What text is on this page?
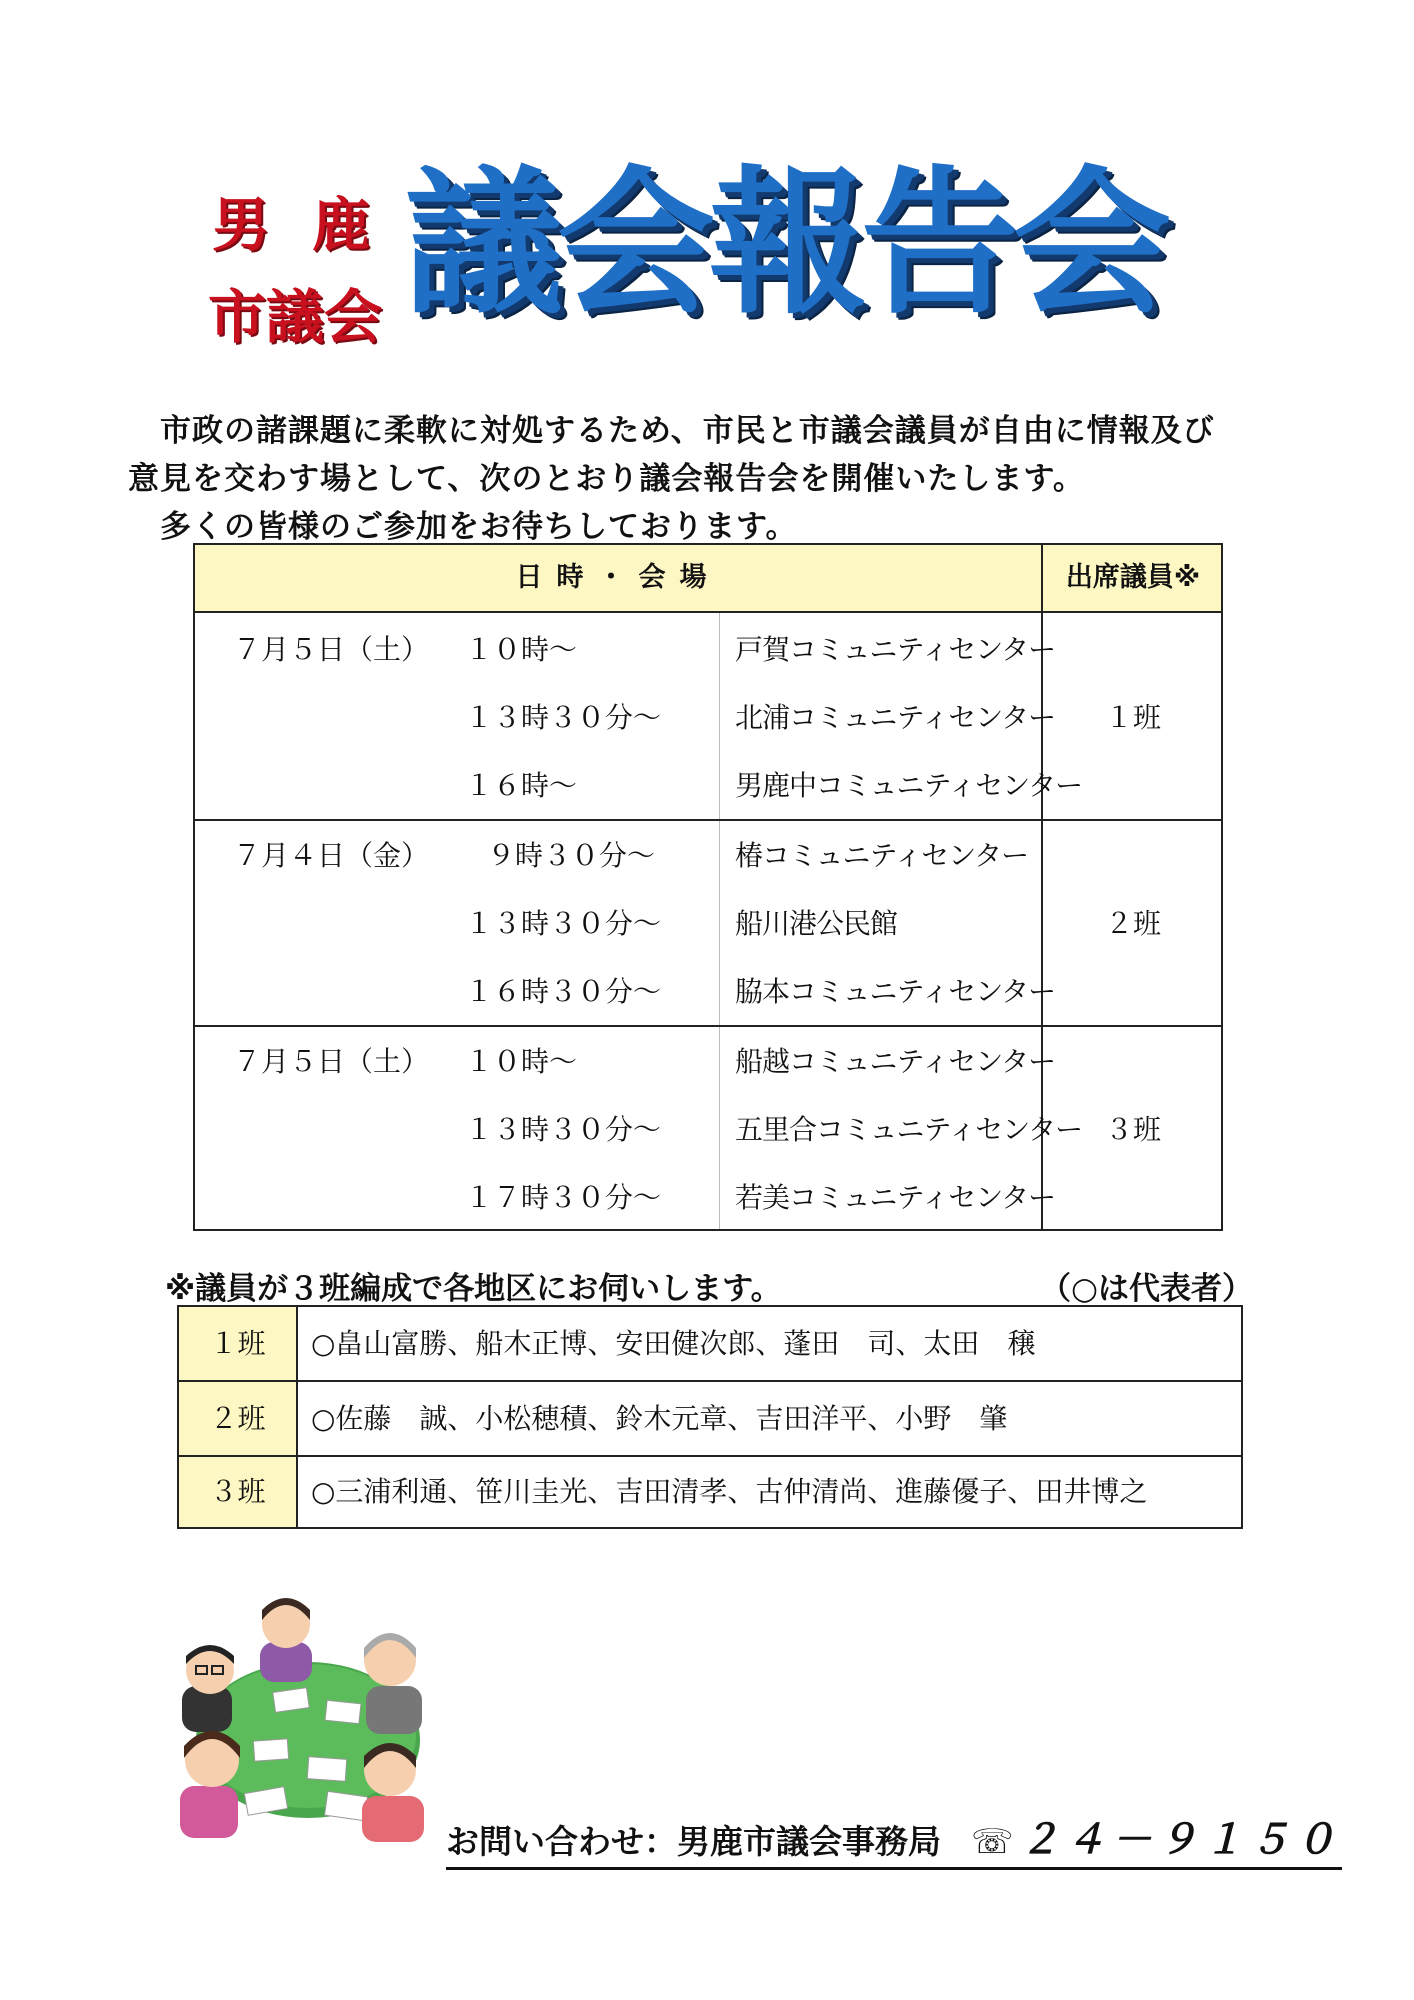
男鹿
市議会 議会報告会
市政の諸課題に柔軟に対処するため、市民と市議会議員が自由に情報及び
意見を交わす場として、次のとおり議会報告会を開催いたします。
多くの皆様のご参加をお待ちしております。
日時・会場	出席議員※
７月５日（土） １０時～	戸賀コミュニティセンター
１３時３０分～	北浦コミュニティセンター
１６時～	男鹿中コミュニティセンター
１班
７月４日（金） ９時３０分～	椿コミュニティセンター
１３時３０分～	船川港公民館
１６時３０分～	脇本コミュニティセンター
２班
７月５日（土） １０時～	船越コミュニティセンター
１３時３０分～	五里合コミュニティセンター
１７時３０分～	若美コミュニティセンター
３班
※議員が３班編成で各地区にお伺いします。	（○は代表者）
１班	○畠山富勝、船木正博、安田健次郎、蓬田　司、太田　穣
２班	○佐藤　誠、小松穂積、鈴木元章、吉田洋平、小野　肇
３班	○三浦利通、笹川圭光、吉田清孝、古仲清尚、進藤優子、田井博之
お問い合わせ：男鹿市議会事務局 ☏ ２４－９１５０
